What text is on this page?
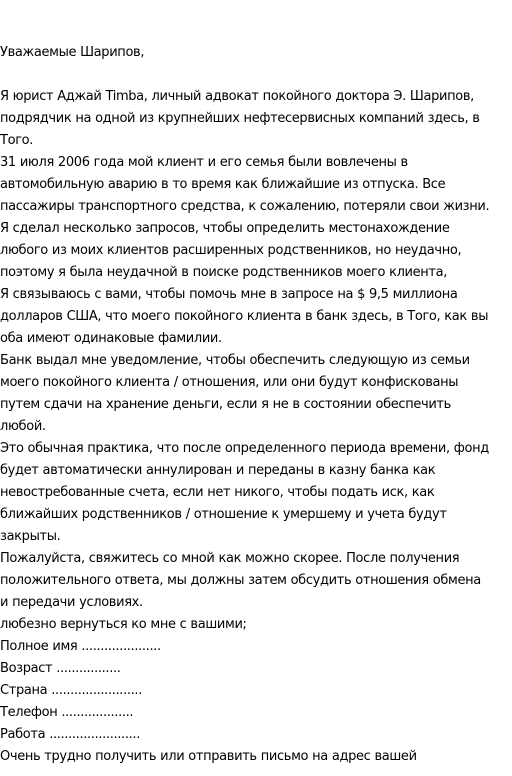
Уважаемые Шарипов,
Я юрист Аджай Timba, личный адвокат покойного доктора Э. Шарипов,
подрядчик на одной из крупнейших нефтесервисных компаний здесь, в
Того.
31 июля 2006 года мой клиент и его семья были вовлечены в
автомобильную аварию в то время как ближайшие из отпуска. Все
пассажиры транспортного средства, к сожалению, потеряли свои жизни.
Я сделал несколько запросов, чтобы определить местонахождение
любого из моих клиентов расширенных родственников, но неудачно,
поэтому я была неудачной в поиске родственников моего клиента,
Я связываюсь с вами, чтобы помочь мне в запросе на $ 9,5 миллиона
долларов США, что моего покойного клиента в банк здесь, в Того, как вы
оба имеют одинаковые фамилии.
Банк выдал мне уведомление, чтобы обеспечить следующую из семьи
моего покойного клиента / отношения, или они будут конфискованы
путем сдачи на хранение деньги, если я не в состоянии обеспечить
любой.
Это обычная практика, что после определенного периода времени, фонд
будет автоматически аннулирован и переданы в казну банка как
невостребованные счета, если нет никого, чтобы подать иск, как
ближайших родственников / отношение к умершему и учета будут
закрыты.
Пожалуйста, свяжитесь со мной как можно скорее. После получения
положительного ответа, мы должны затем обсудить отношения обмена
и передачи условиях.
любезно вернуться ко мне с вашими;
Полное имя .....................
Возраст .................
Страна ........................
Телефон ...................
Работа ........................
Очень трудно получить или отправить письмо на адрес вашей
